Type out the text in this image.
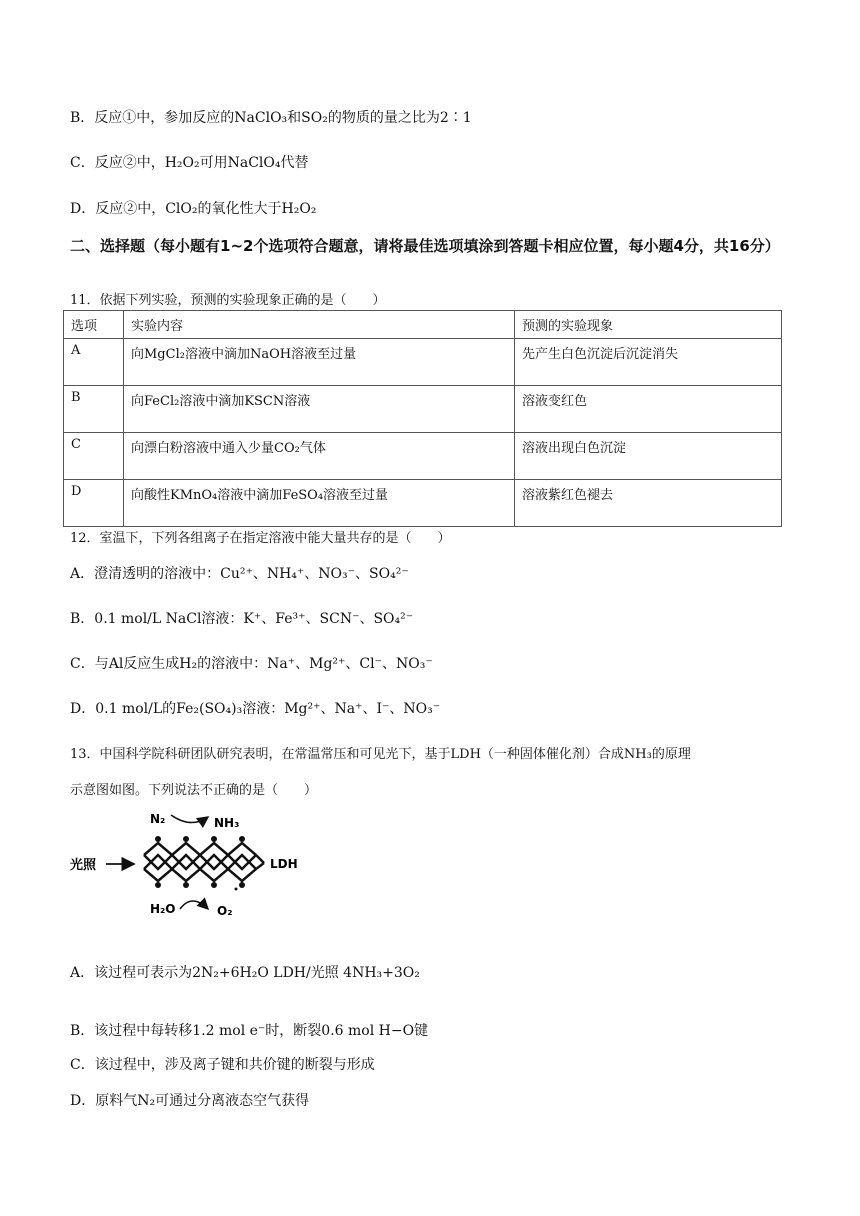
B．反应①中，参加反应的NaClO₃和SO₂的物质的量之比为2∶1
C．反应②中，H₂O₂可用NaClO₄代替
D．反应②中，ClO₂的氧化性大于H₂O₂
二、选择题（每小题有1~2个选项符合题意，请将最佳选项填涂到答题卡相应位置，每小题4分，共16分）
11．依据下列实验，预测的实验现象正确的是（　　）
选项	实验内容	预测的实验现象
A	向MgCl₂溶液中滴加NaOH溶液至过量	先产生白色沉淀后沉淀消失
B	向FeCl₂溶液中滴加KSCN溶液	溶液变红色
C	向漂白粉溶液中通入少量CO₂气体	溶液出现白色沉淀
D	向酸性KMnO₄溶液中滴加FeSO₄溶液至过量	溶液紫红色褪去
12．室温下，下列各组离子在指定溶液中能大量共存的是（　　）
A．澄清透明的溶液中：Cu²⁺、NH₄⁺、NO₃⁻、SO₄²⁻
B．0.1 mol/L NaCl溶液：K⁺、Fe³⁺、SCN⁻、SO₄²⁻
C．与Al反应生成H₂的溶液中：Na⁺、Mg²⁺、Cl⁻、NO₃⁻
D．0.1 mol/L的Fe₂(SO₄)₃溶液：Mg²⁺、Na⁺、I⁻、NO₃⁻
13．中国科学院科研团队研究表明，在常温常压和可见光下，基于LDH（一种固体催化剂）合成NH₃的原理
示意图如图。下列说法不正确的是（　　）
N₂	NH₃
光照	LDH
H₂O	O₂
A．该过程可表示为2N₂+6H₂O LDH/光照 4NH₃+3O₂
B．该过程中每转移1.2 mol e⁻时，断裂0.6 mol H−O键
C．该过程中，涉及离子键和共价键的断裂与形成
D．原料气N₂可通过分离液态空气获得
